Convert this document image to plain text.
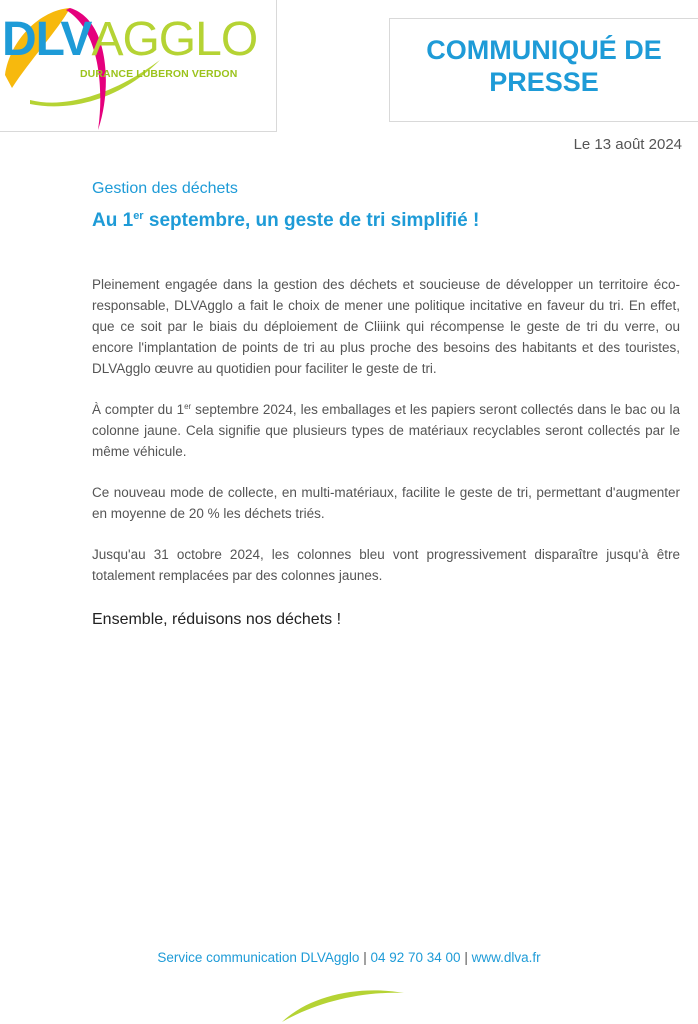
DLVAGGLO
DURANCE LUBERON VERDON
COMMUNIQUÉ DE PRESSE
Le 13 août 2024
Gestion des déchets
Au 1er septembre, un geste de tri simplifié !

Pleinement engagée dans la gestion des déchets et soucieuse de développer un territoire éco-responsable, DLVAgglo a fait le choix de mener une politique incitative en faveur du tri. En effet, que ce soit par le biais du déploiement de Cliiink qui récompense le geste de tri du verre, ou encore l'implantation de points de tri au plus proche des besoins des habitants et des touristes, DLVAgglo œuvre au quotidien pour faciliter le geste de tri.

À compter du 1er septembre 2024, les emballages et les papiers seront collectés dans le bac ou la colonne jaune. Cela signifie que plusieurs types de matériaux recyclables seront collectés par le même véhicule.

Ce nouveau mode de collecte, en multi-matériaux, facilite le geste de tri, permettant d'augmenter en moyenne de 20 % les déchets triés.

Jusqu'au 31 octobre 2024, les colonnes bleu vont progressivement disparaître jusqu'à être totalement remplacées par des colonnes jaunes.

Ensemble, réduisons nos déchets !
Service communication DLVAgglo | 04 92 70 34 00 | www.dlva.fr
